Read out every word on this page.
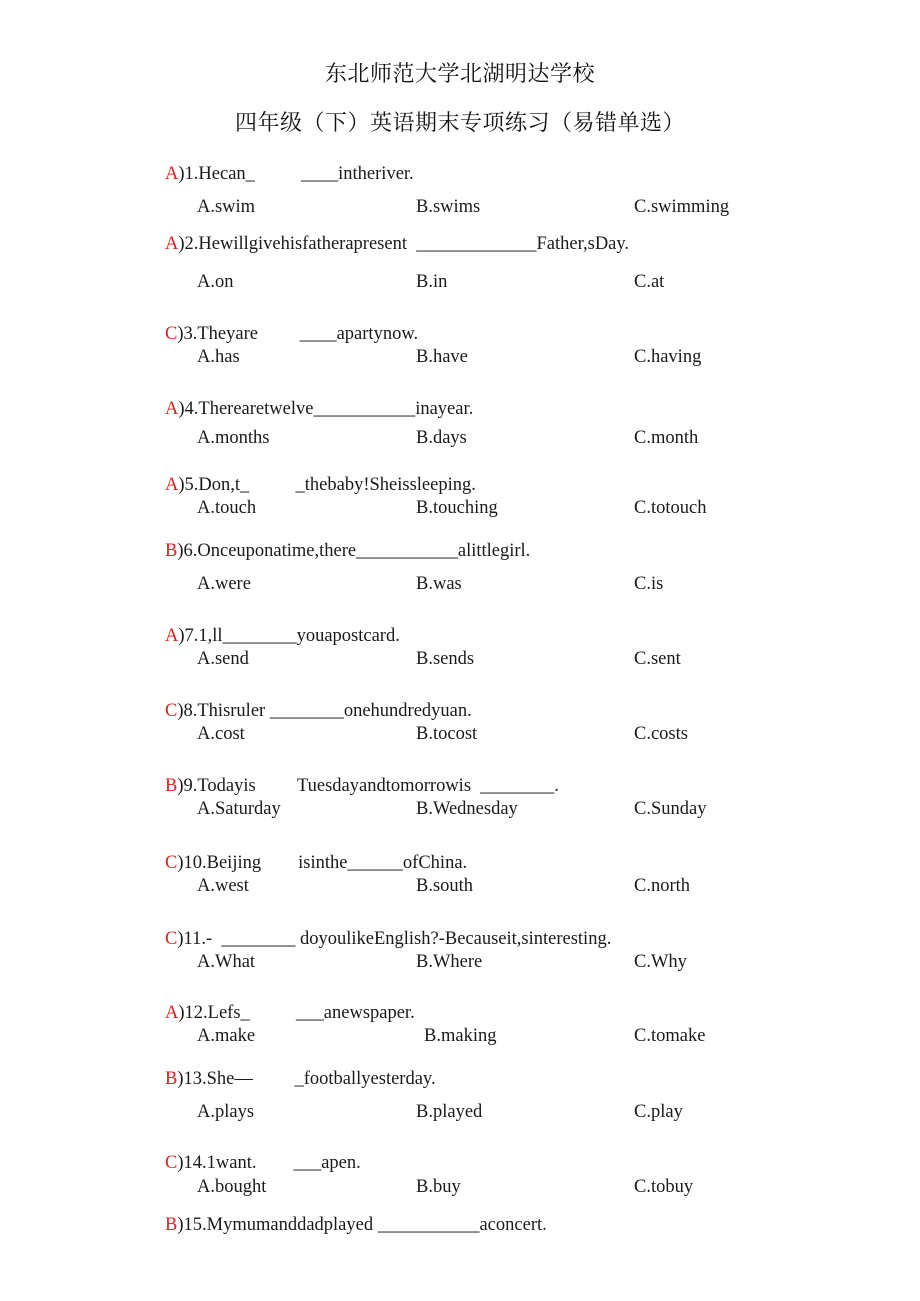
东北师范大学北湖明达学校
四年级（下）英语期末专项练习（易错单选）
A)1.Hecan_          ____intheriver.
A.swim	B.swims	C.swimming
A)2.Hewillgivehisfatherapresent  _____________Father,sDay.
A.on	B.in	C.at
C)3.Theyare         ____apartynow.
A.has	B.have	C.having
A)4.Therearetwelve___________inayear.
A.months	B.days	C.month
A)5.Don,t_          _thebaby!Sheissleeping.
A.touch	B.touching	C.totouch
B)6.Onceuponatime,there___________alittlegirl.
A.were	B.was	C.is
A)7.1,ll________youapostcard.
A.send	B.sends	C.sent
C)8.Thisruler ________onehundredyuan.
A.cost	B.tocost	C.costs
B)9.Todayis         Tuesdayandtomorrowis  ________.
A.Saturday	B.Wednesday	C.Sunday
C)10.Beijing        isinthe______ofChina.
A.west	B.south	C.north
C)11.-  ________ doyoulikeEnglish?-Becauseit,sinteresting.
A.What	B.Where	C.Why
A)12.Lefs_          ___anewspaper.
A.make	B.making	C.tomake
B)13.She—         _footballyesterday.
A.plays	B.played	C.play
C)14.1want.        ___apen.
A.bought	B.buy	C.tobuy
B)15.Mymumanddadplayed ___________aconcert.
